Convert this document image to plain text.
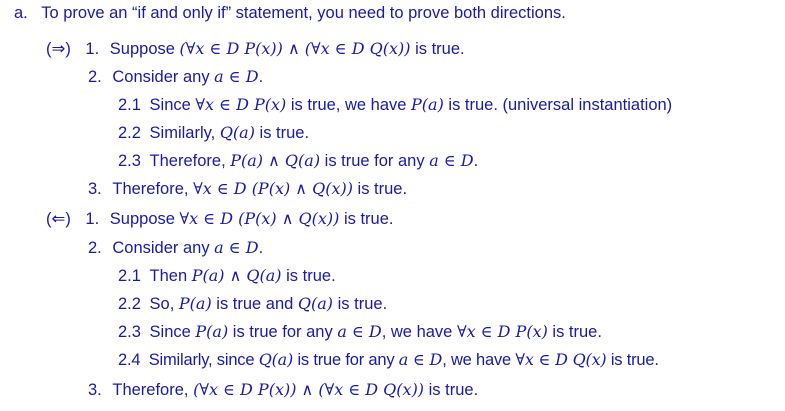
a. To prove an “if and only if” statement, you need to prove both directions.
(⇒) 1. Suppose (∀x ∈ D P(x)) ∧ (∀x ∈ D Q(x)) is true.
2. Consider any a ∈ D.
2.1 Since ∀x ∈ D P(x) is true, we have P(a) is true. (universal instantiation)
2.2 Similarly, Q(a) is true.
2.3 Therefore, P(a) ∧ Q(a) is true for any a ∈ D.
3. Therefore, ∀x ∈ D (P(x) ∧ Q(x)) is true.
(⇐) 1. Suppose ∀x ∈ D (P(x) ∧ Q(x)) is true.
2. Consider any a ∈ D.
2.1 Then P(a) ∧ Q(a) is true.
2.2 So, P(a) is true and Q(a) is true.
2.3 Since P(a) is true for any a ∈ D, we have ∀x ∈ D P(x) is true.
2.4 Similarly, since Q(a) is true for any a ∈ D, we have ∀x ∈ D Q(x) is true.
3. Therefore, (∀x ∈ D P(x)) ∧ (∀x ∈ D Q(x)) is true.
